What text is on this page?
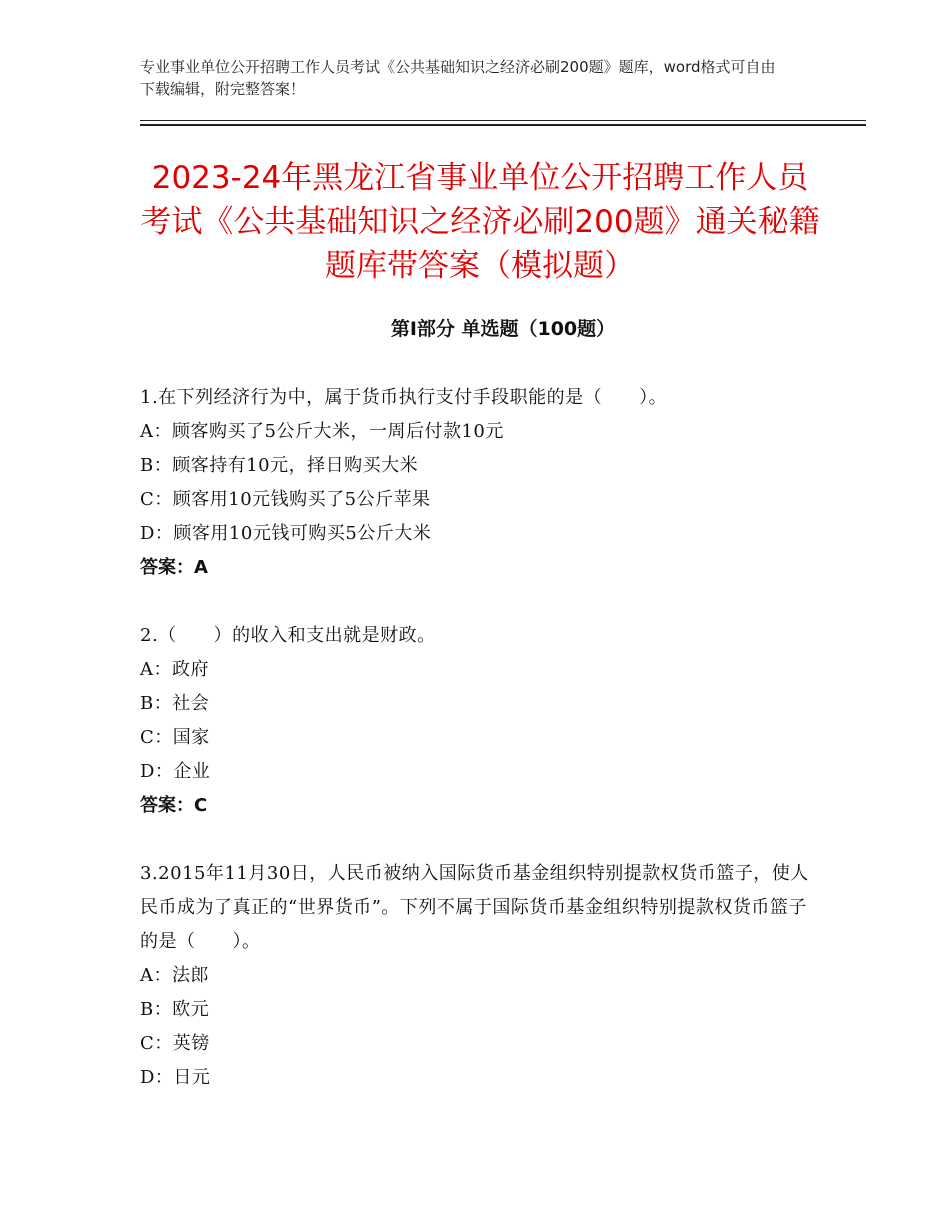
专业事业单位公开招聘工作人员考试《公共基础知识之经济必刷200题》题库，word格式可自由下载编辑，附完整答案！
2023-24年黑龙江省事业单位公开招聘工作人员考试《公共基础知识之经济必刷200题》通关秘籍题库带答案（模拟题）
第Ⅰ部分 单选题（100题）
1.在下列经济行为中，属于货币执行支付手段职能的是（　　）。
A：顾客购买了5公斤大米，一周后付款10元
B：顾客持有10元，择日购买大米
C：顾客用10元钱购买了5公斤苹果
D：顾客用10元钱可购买5公斤大米
答案：A
2.（　　）的收入和支出就是财政。
A：政府
B：社会
C：国家
D：企业
答案：C
3.2015年11月30日，人民币被纳入国际货币基金组织特别提款权货币篮子，使人民币成为了真正的“世界货币”。下列不属于国际货币基金组织特别提款权货币篮子的是（　　）。
A：法郎
B：欧元
C：英镑
D：日元
